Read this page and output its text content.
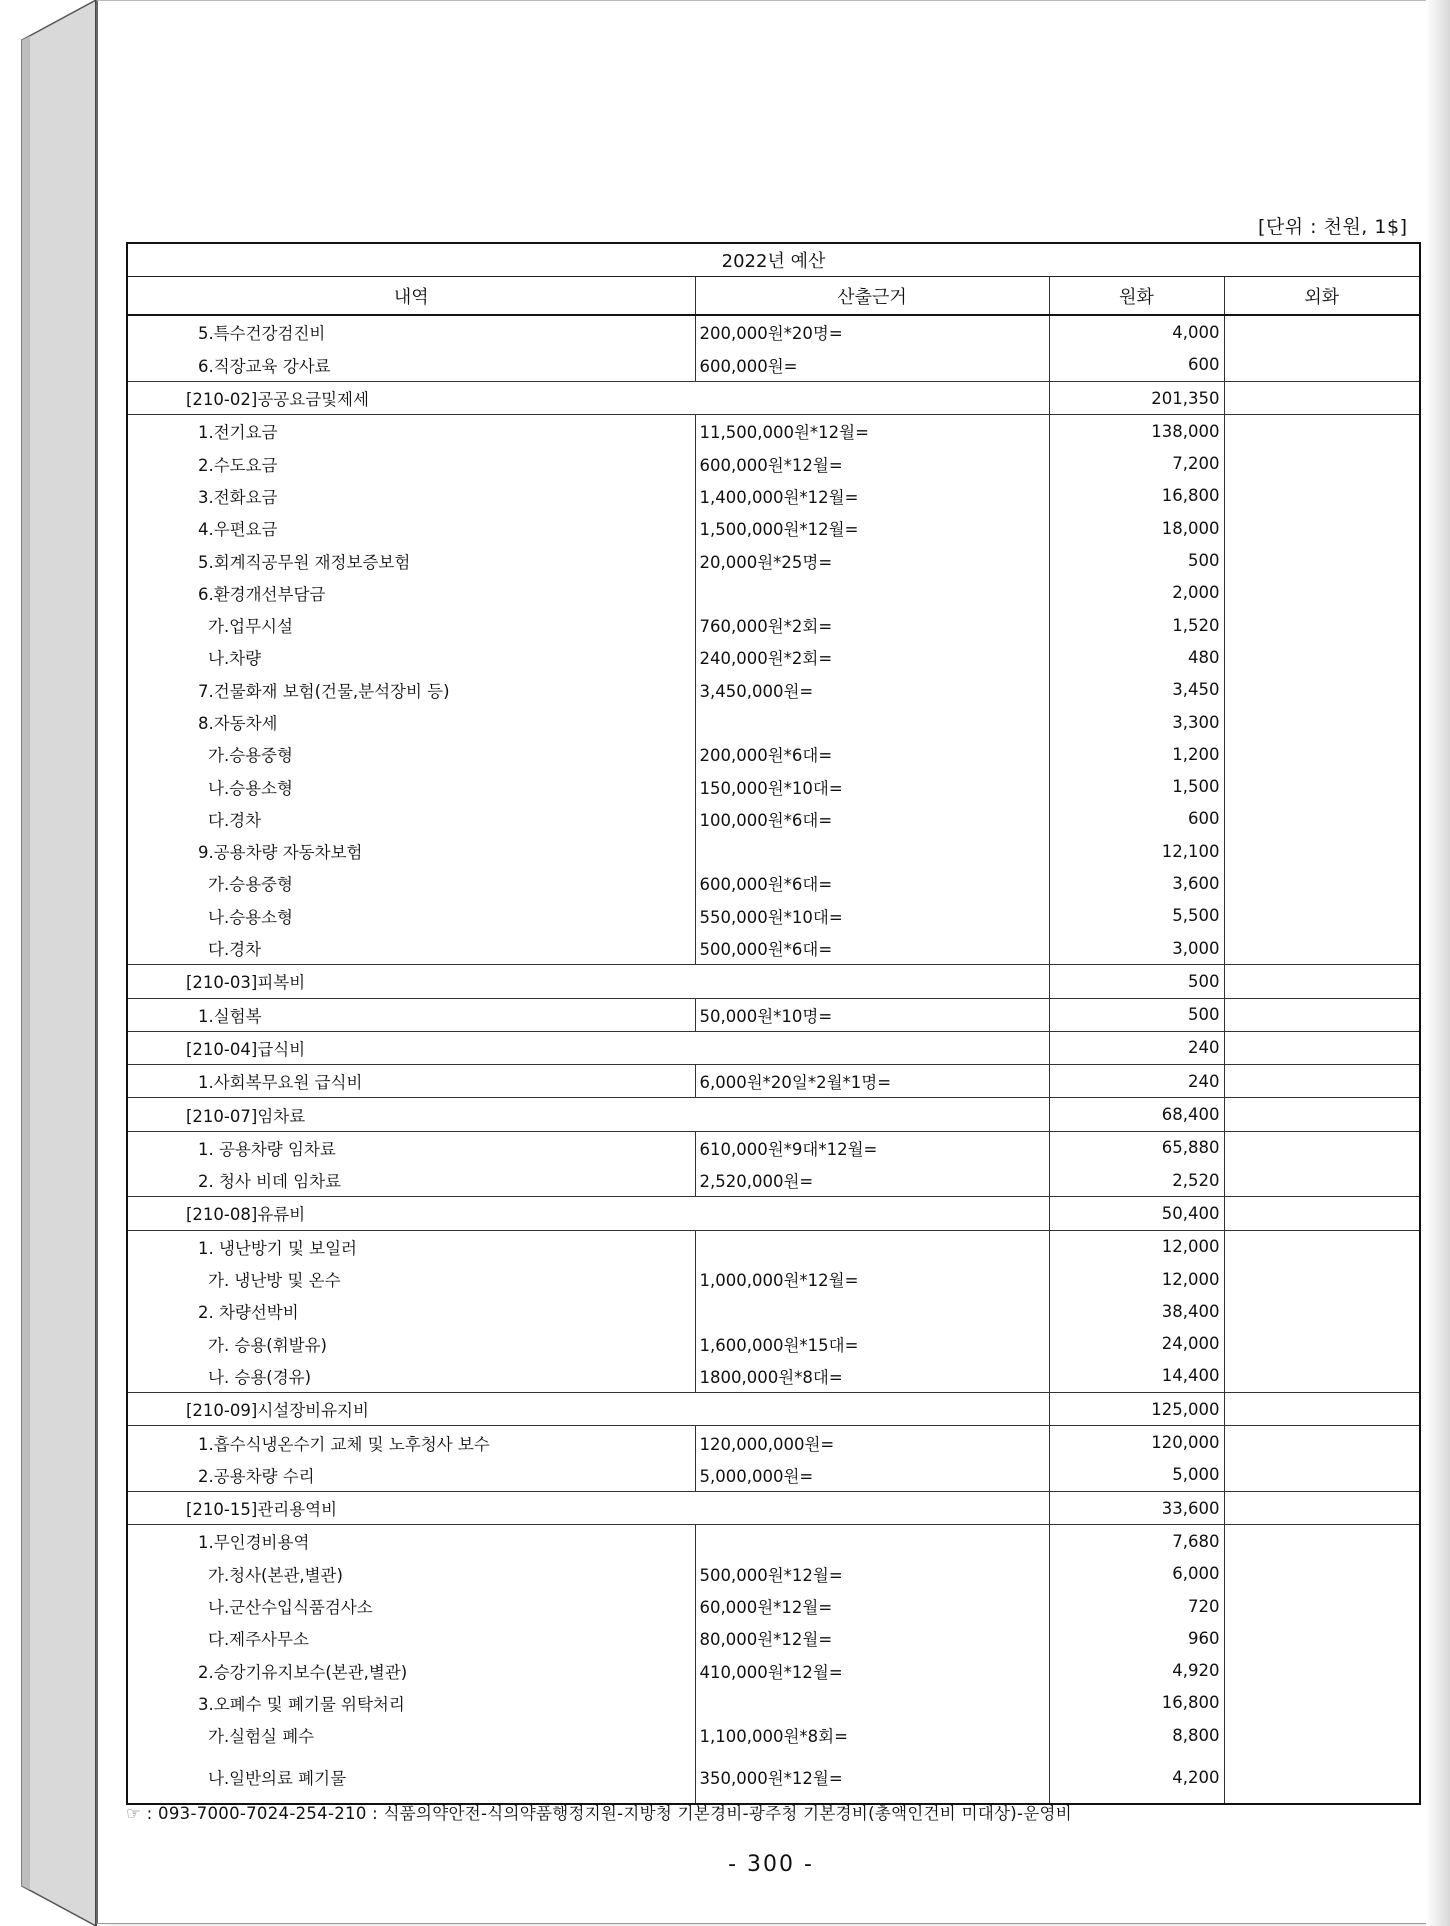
[단위 : 천원, 1$]
2022년 예산			
내역	산출근거	원화	외화
5.특수건강검진비	200,000원*20명=	4,000	
6.직장교육 강사료	600,000원=	600	
[210-02]공공요금및제세		201,350	
1.전기요금	11,500,000원*12월=	138,000	
2.수도요금	600,000원*12월=	7,200	
3.전화요금	1,400,000원*12월=	16,800	
4.우편요금	1,500,000원*12월=	18,000	
5.회계직공무원 재정보증보험	20,000원*25명=	500	
6.환경개선부담금		2,000	
가.업무시설	760,000원*2회=	1,520	
나.차량	240,000원*2회=	480	
7.건물화재 보험(건물,분석장비 등)	3,450,000원=	3,450	
8.자동차세		3,300	
가.승용중형	200,000원*6대=	1,200	
나.승용소형	150,000원*10대=	1,500	
다.경차	100,000원*6대=	600	
9.공용차량 자동차보험		12,100	
가.승용중형	600,000원*6대=	3,600	
나.승용소형	550,000원*10대=	5,500	
다.경차	500,000원*6대=	3,000	
[210-03]피복비		500	
1.실험복	50,000원*10명=	500	
[210-04]급식비		240	
1.사회복무요원 급식비	6,000원*20일*2월*1명=	240	
[210-07]임차료		68,400	
1. 공용차량 임차료	610,000원*9대*12월=	65,880	
2. 청사 비데 임차료	2,520,000원=	2,520	
[210-08]유류비		50,400	
1. 냉난방기 및 보일러		12,000	
가. 냉난방 및 온수	1,000,000원*12월=	12,000	
2. 차량선박비		38,400	
가. 승용(휘발유)	1,600,000원*15대=	24,000	
나. 승용(경유)	1800,000원*8대=	14,400	
[210-09]시설장비유지비		125,000	
1.흡수식냉온수기 교체 및 노후청사 보수	120,000,000원=	120,000	
2.공용차량 수리	5,000,000원=	5,000	
[210-15]관리용역비		33,600	
1.무인경비용역		7,680	
가.청사(본관,별관)	500,000원*12월=	6,000	
나.군산수입식품검사소	60,000원*12월=	720	
다.제주사무소	80,000원*12월=	960	
2.승강기유지보수(본관,별관)	410,000원*12월=	4,920	
3.오폐수 및 폐기물 위탁처리		16,800	
가.실험실 폐수	1,100,000원*8회=	8,800	
나.일반의료 폐기물	350,000원*12월=	4,200	
☞ : 093-7000-7024-254-210 : 식품의약안전-식의약품행정지원-지방청 기본경비-광주청 기본경비(총액인건비 미대상)-운영비
- 300 -
